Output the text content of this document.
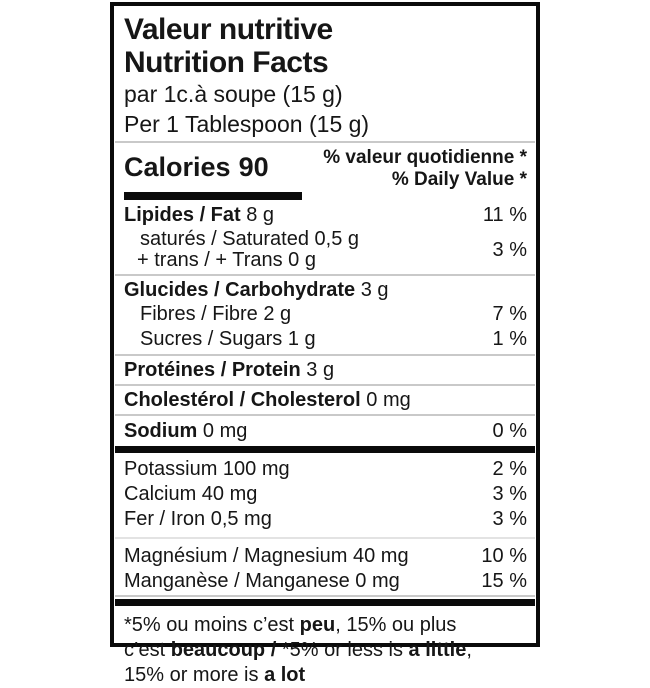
Valeur nutritive
Nutrition Facts
par 1c.à soupe (15 g)
Per 1 Tablespoon (15 g)
Calories 90	% valeur quotidienne *
% Daily Value *
Lipides / Fat 8 g	11 %
saturés / Saturated 0,5 g
+ trans / + Trans 0 g	3 %
Glucides / Carbohydrate 3 g
Fibres / Fibre 2 g	7 %
Sucres / Sugars 1 g	1 %
Protéines / Protein 3 g
Cholestérol / Cholesterol 0 mg
Sodium 0 mg	0 %
Potassium 100 mg	2 %
Calcium 40 mg	3 %
Fer / Iron 0,5 mg	3 %
Magnésium / Magnesium 40 mg	10 %
Manganèse / Manganese 0 mg	15 %
*5% ou moins c’est peu, 15% ou plus
c’est beaucoup / *5% or less is a little,
15% or more is a lot
